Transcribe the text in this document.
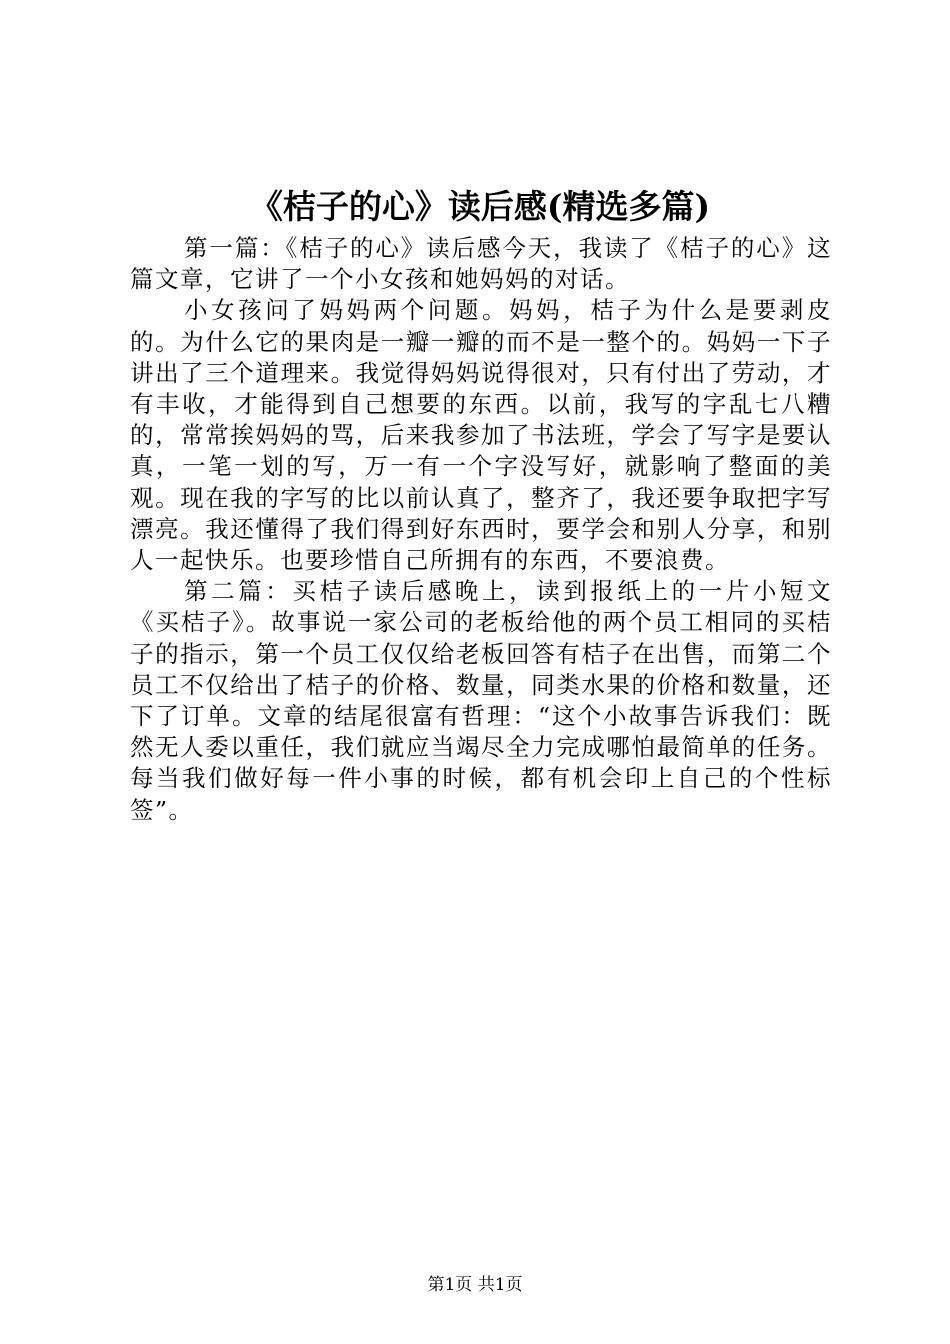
《桔子的心》读后感(精选多篇)

第一篇：《桔子的心》读后感今天，我读了《桔子的心》这篇文章，它讲了一个小女孩和她妈妈的对话。

小女孩问了妈妈两个问题。妈妈，桔子为什么是要剥皮的。为什么它的果肉是一瓣一瓣的而不是一整个的。妈妈一下子讲出了三个道理来。我觉得妈妈说得很对，只有付出了劳动，才有丰收，才能得到自己想要的东西。以前，我写的字乱七八糟的，常常挨妈妈的骂，后来我参加了书法班，学会了写字是要认真，一笔一划的写，万一有一个字没写好，就影响了整面的美观。现在我的字写的比以前认真了，整齐了，我还要争取把字写漂亮。我还懂得了我们得到好东西时，要学会和别人分享，和别人一起快乐。也要珍惜自己所拥有的东西，不要浪费。

第二篇：买桔子读后感晚上，读到报纸上的一片小短文《买桔子》。故事说一家公司的老板给他的两个员工相同的买桔子的指示，第一个员工仅仅给老板回答有桔子在出售，而第二个员工不仅给出了桔子的价格、数量，同类水果的价格和数量，还下了订单。文章的结尾很富有哲理：“这个小故事告诉我们：既然无人委以重任，我们就应当竭尽全力完成哪怕最简单的任务。每当我们做好每一件小事的时候，都有机会印上自己的个性标签”。

第1页 共1页
